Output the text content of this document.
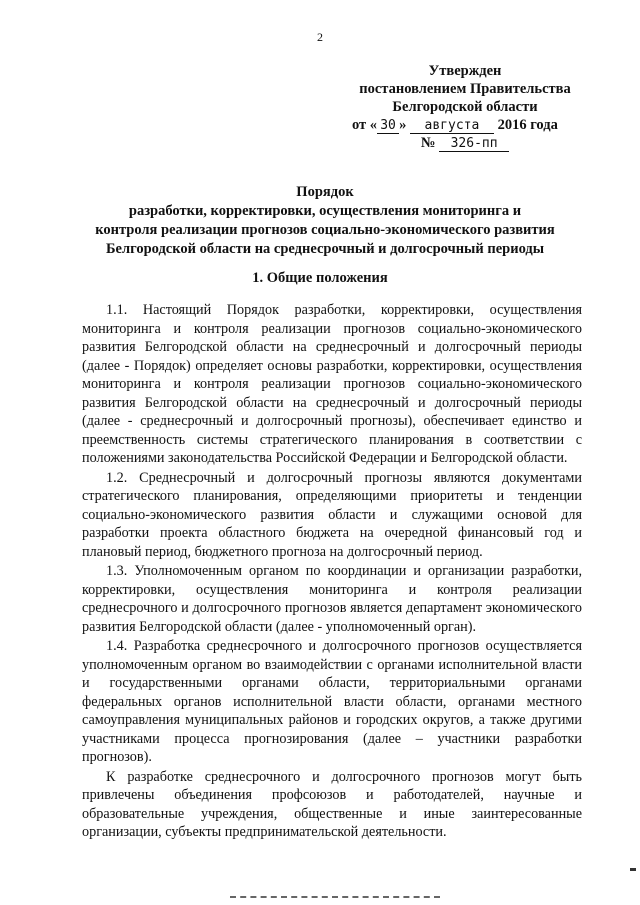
2
Утвержден
постановлением Правительства
Белгородской области
от « 30 » августа 2016 года
№ 326-пп
Порядок
разработки, корректировки, осуществления мониторинга и
контроля реализации прогнозов социально-экономического развития
Белгородской области на среднесрочный и долгосрочный периоды
1. Общие положения

1.1. Настоящий Порядок разработки, корректировки, осуществления мониторинга и контроля реализации прогнозов социально-экономического развития Белгородской области на среднесрочный и долгосрочный периоды (далее - Порядок) определяет основы разработки, корректировки, осуществления мониторинга и контроля реализации прогнозов социально-экономического развития Белгородской области на среднесрочный и долгосрочный периоды (далее - среднесрочный и долгосрочный прогнозы), обеспечивает единство и преемственность системы стратегического планирования в соответствии с положениями законодательства Российской Федерации и Белгородской области.

1.2. Среднесрочный и долгосрочный прогнозы являются документами стратегического планирования, определяющими приоритеты и тенденции социально-экономического развития области и служащими основой для разработки проекта областного бюджета на очередной финансовый год и плановый период, бюджетного прогноза на долгосрочный период.

1.3. Уполномоченным органом по координации и организации разработки, корректировки, осуществления мониторинга и контроля реализации среднесрочного и долгосрочного прогнозов является департамент экономического развития Белгородской области (далее - уполномоченный орган).

1.4. Разработка среднесрочного и долгосрочного прогнозов осуществляется уполномоченным органом во взаимодействии с органами исполнительной власти и государственными органами области, территориальными органами федеральных органов исполнительной власти области, органами местного самоуправления муниципальных районов и городских округов, а также другими участниками процесса прогнозирования (далее – участники разработки прогнозов).

К разработке среднесрочного и долгосрочного прогнозов могут быть привлечены объединения профсоюзов и работодателей, научные и образовательные учреждения, общественные и иные заинтересованные организации, субъекты предпринимательской деятельности.
